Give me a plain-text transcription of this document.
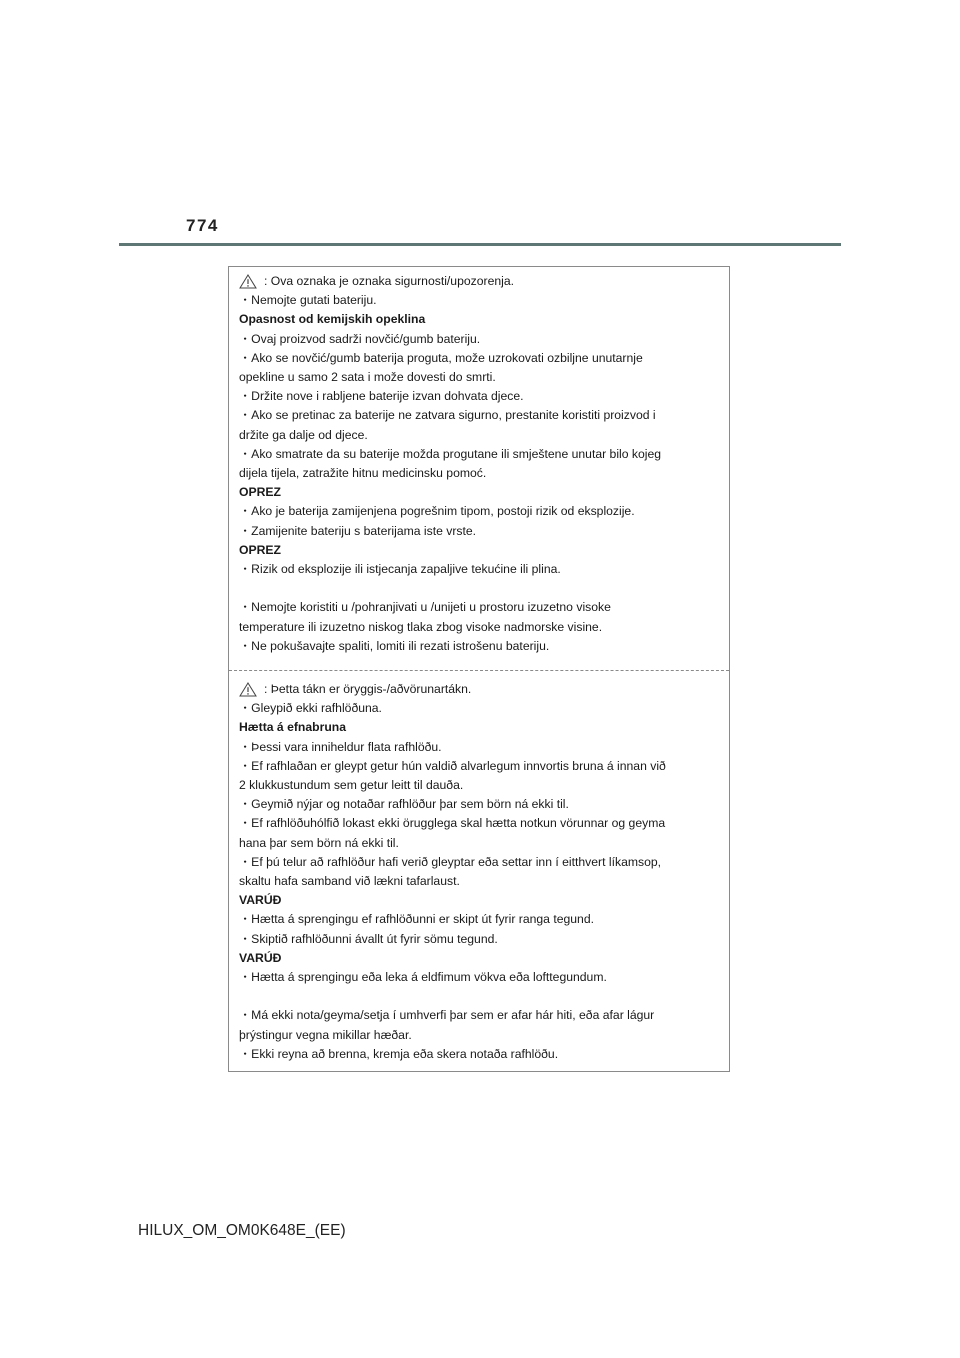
774
: Ova oznaka je oznaka sigurnosti/upozorenja.
・Nemojte gutati bateriju.
Opasnost od kemijskih opeklina
・Ovaj proizvod sadrži novčić/gumb bateriju.
・Ako se novčić/gumb baterija proguta, može uzrokovati ozbiljne unutarnje
opekline u samo 2 sata i može dovesti do smrti.
・Držite nove i rabljene baterije izvan dohvata djece.
・Ako se pretinac za baterije ne zatvara sigurno, prestanite koristiti proizvod i
držite ga dalje od djece.
・Ako smatrate da su baterije možda progutane ili smještene unutar bilo kojeg
dijela tijela, zatražite hitnu medicinsku pomoć.
OPREZ
・Ako je baterija zamijenjena pogrešnim tipom, postoji rizik od eksplozije.
・Zamijenite bateriju s baterijama iste vrste.
OPREZ
・Rizik od eksplozije ili istjecanja zapaljive tekućine ili plina.
・Nemojte koristiti u /pohranjivati u /unijeti u prostoru izuzetno visoke
temperature ili izuzetno niskog tlaka zbog visoke nadmorske visine.
・Ne pokušavajte spaliti, lomiti ili rezati istrošenu bateriju.
: Þetta tákn er öryggis-/aðvörunartákn.
・Gleypið ekki rafhlöðuna.
Hætta á efnabruna
・Þessi vara inniheldur flata rafhlöðu.
・Ef rafhlaðan er gleypt getur hún valdið alvarlegum innvortis bruna á innan við
2 klukkustundum sem getur leitt til dauða.
・Geymið nýjar og notaðar rafhlöður þar sem börn ná ekki til.
・Ef rafhlöðuhólfið lokast ekki örugglega skal hætta notkun vörunnar og geyma
hana þar sem börn ná ekki til.
・Ef þú telur að rafhlöður hafi verið gleyptar eða settar inn í eitthvert líkamsop,
skaltu hafa samband við lækni tafarlaust.
VARÚÐ
・Hætta á sprengingu ef rafhlöðunni er skipt út fyrir ranga tegund.
・Skiptið rafhlöðunni ávallt út fyrir sömu tegund.
VARÚÐ
・Hætta á sprengingu eða leka á eldfimum vökva eða lofttegundum.
・Má ekki nota/geyma/setja í umhverfi þar sem er afar hár hiti, eða afar lágur
þrýstingur vegna mikillar hæðar.
・Ekki reyna að brenna, kremja eða skera notaða rafhlöðu.
HILUX_OM_OM0K648E_(EE)
